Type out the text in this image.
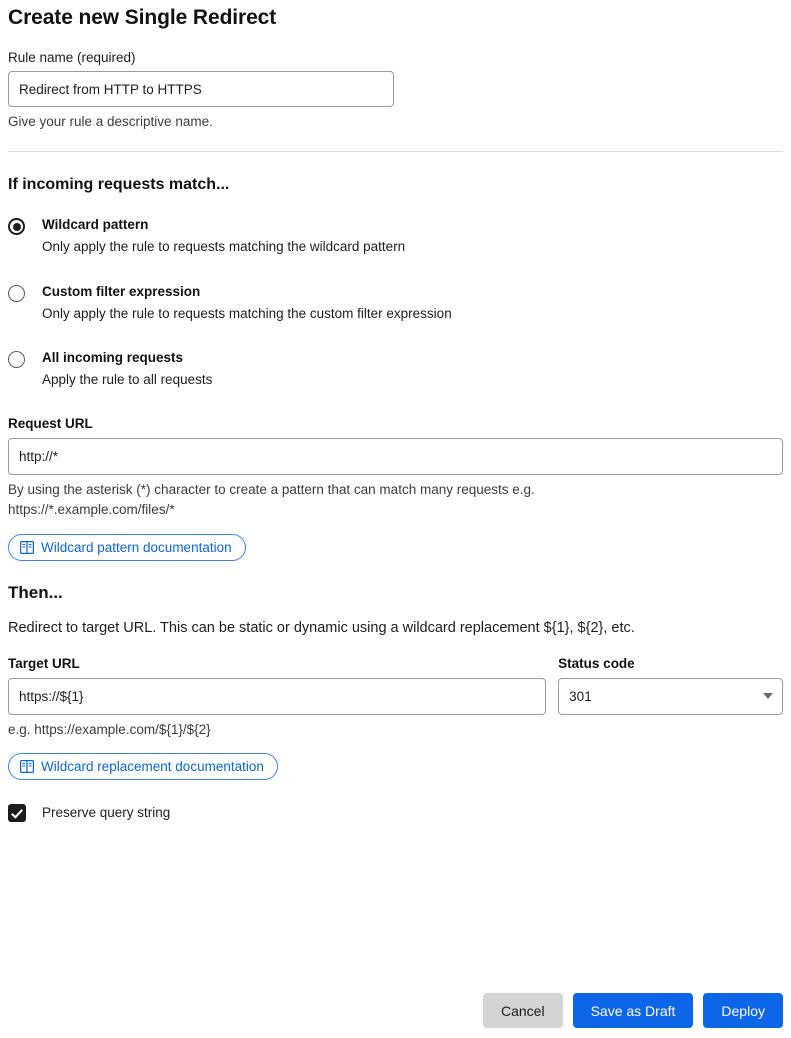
Create new Single Redirect
Rule name (required)
Redirect from HTTP to HTTPS
Give your rule a descriptive name.
If incoming requests match...
Wildcard pattern
Only apply the rule to requests matching the wildcard pattern
Custom filter expression
Only apply the rule to requests matching the custom filter expression
All incoming requests
Apply the rule to all requests
Request URL
http://*
By using the asterisk (*) character to create a pattern that can match many requests e.g.
https://*.example.com/files/*
Wildcard pattern documentation
Then...
Redirect to target URL. This can be static or dynamic using a wildcard replacement ${1}, ${2}, etc.
Target URL
https://${1}
e.g. https://example.com/${1}/${2}
Status code
301
Wildcard replacement documentation
Preserve query string
Cancel	Save as Draft	Deploy
